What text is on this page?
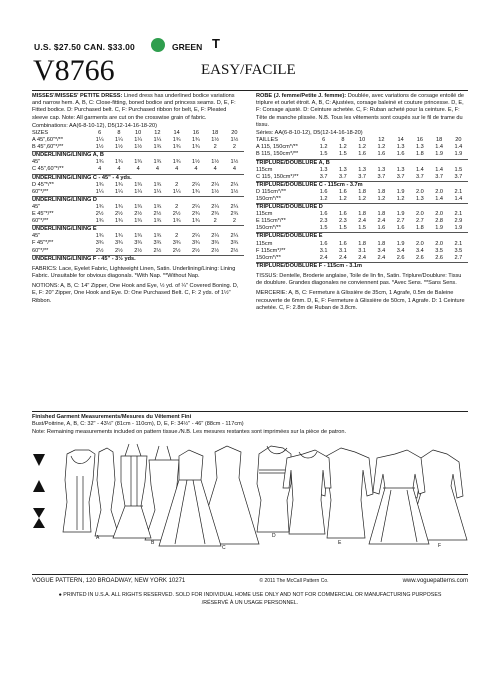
U.S. $27.50 CAN. $33.00	GREEN T
V8766	EASY/FACILE
MISSES'/MISSES' PETITE DRESS: Lined dress has underlined bodice variations and narrow hem. A, B, C: Close-fitting, boned bodice and princess seams. D, E, F: Fitted bodice. D: Purchased belt. C, F: Purchased ribbon for belt, E, F: Pleated sleeve cap. Note: All garments are cut on the crosswise grain of fabric.
Combinations: AA(6-8-10-12), D5(12-14-16-18-20)
SIZES	6	8	10	12	14	16	18	20
A 45",60"*/**	1¼	1¼	1¼	1¼	1¾	1¾	1½	1½
B 45",60"*/**	1½	1½	1½	1¾	1¾	1¾	2	2
UNDERLINING/LINING A, B								
45"	1¾	1¾	1¾	1¾	1¾	1½	1½	1½
C 45",60"*/**	4	4	4	4	4	4	4	4
UNDERLINING/LINING C - 45" - 4 yds.								
D 45"*/**	1¾	1¾	1¾	1¾	2	2¼	2¼	2¼
60"*/**	1¼	1¼	1¼	1¼	1¼	1¾	1½	1½
UNDERLINING/LINING D								
45"	1¾	1¾	1¾	1¾	2	2¼	2¼	2¼
E 45"*/**	2½	2½	2½	2½	2½	2¾	2¾	2¾
60"*/**	1¾	1¾	1¾	1¾	1¾	1¾	2	2
UNDERLINING/LINING E								
45"	1¾	1¾	1¾	1¾	2	2¼	2¼	2¼
F 45"*/**	3¾	3¾	3¾	3¾	3¾	3¾	3¾	3¾
60"*/**	2½	2½	2½	2½	2½	2½	2½	2½
UNDERLINING/LINING F - 45" - 3½ yds.								
FABRICS: Lace, Eyelet Fabric, Lightweight Linen, Satin. Underlining/Lining: Lining Fabric. Unsuitable for obvious diagonals. *With Nap. **Without Nap.
NOTIONS: A, B, C: 14" Zipper, One Hook and Eye, ½ yd. of ¼" Covered Boning. D, E, F: 20" Zipper, One Hook and Eye. D: One Purchased Belt. C, F: 2 yds. of 1½" Ribbon.
ROBE (J. femme/Petite J. femme): Doublée, avec variations de corsage entoilé de triplure et ourlet étroit. A, B, C: Ajustées, corsage baleiné et couture princesse. D, E, F: Corsage ajusté. D: Ceinture achetée. C, F: Ruban acheté pour la ceinture. E, F: Tête de manche plissée. N.B. Tous les vêtements sont coupés sur le fil de trame du tissu.
Séries: AA(6-8-10-12), D5(12-14-16-18-20)
TAILLES	6	8	10	12	14	16	18	20
A 115, 150cm*/**	1.2	1.2	1.2	1.2	1.3	1.3	1.4	1.4
B 115, 150cm*/**	1.5	1.5	1.6	1.6	1.6	1.8	1.9	1.9
TRIPLURE/DOUBLURE A, B								
115cm	1.3	1.3	1.3	1.3	1.3	1.4	1.4	1.5
C 115, 150cm*/**	3.7	3.7	3.7	3.7	3.7	3.7	3.7	3.7
TRIPLURE/DOUBLURE C - 115cm - 3.7m								
D 115cm*/**	1.6	1.6	1.8	1.8	1.9	2.0	2.0	2.1
150cm*/**	1.2	1.2	1.2	1.2	1.2	1.3	1.4	1.4
TRIPLURE/DOUBLURE D								
115cm	1.6	1.6	1.8	1.8	1.9	2.0	2.0	2.1
E 115cm*/**	2.3	2.3	2.4	2.4	2.7	2.7	2.8	2.9
150cm*/**	1.5	1.5	1.5	1.6	1.6	1.8	1.9	1.9
TRIPLURE/DOUBLURE E								
115cm	1.6	1.6	1.8	1.8	1.9	2.0	2.0	2.1
F 115cm*/**	3.1	3.1	3.1	3.4	3.4	3.4	3.5	3.5
150cm*/**	2.4	2.4	2.4	2.4	2.6	2.6	2.6	2.7
TRIPLURE/DOUBLURE F - 115cm - 3.1m								
TISSUS: Dentelle, Broderie anglaise, Toile de lin fin, Satin. Triplure/Doublure: Tissu de doublure. Grandes diagonales ne conviennent pas. *Avec Sens. **Sans Sens.
MERCERIE: A, B, C: Fermeture à Glissière de 35cm, 1 Agrafe, 0.5m de Baleine recouverte de 6mm. D, E, F: Fermeture à Glissière de 50cm, 1 Agrafe. D: 1 Ceinture achetée. C, F: 2.8m de Ruban de 3.8cm.
Finished Garment Measurements/Mesures du Vêtement Fini
Bust/Poitrine, A, B, C: 32" - 43½" (81cm - 110cm), D, E, F: 34½" - 46" (88cm - 117cm)
Note: Remaining measurements included on pattern tissue./N.B. Les mesures restantes sont imprimées sur la pièce de patron.
A
B
C
D
E	F
VOGUE PATTERN, 120 BROADWAY, NEW YORK 10271	© 2011 The McCall Pattern Co.	www.voguepatterns.com
● PRINTED IN U.S.A. ALL RIGHTS RESERVED. SOLD FOR INDIVIDUAL HOME USE ONLY AND NOT FOR COMMERCIAL OR MANUFACTURING PURPOSES
/RÉSERVÉ À UN USAGE PERSONNEL.
